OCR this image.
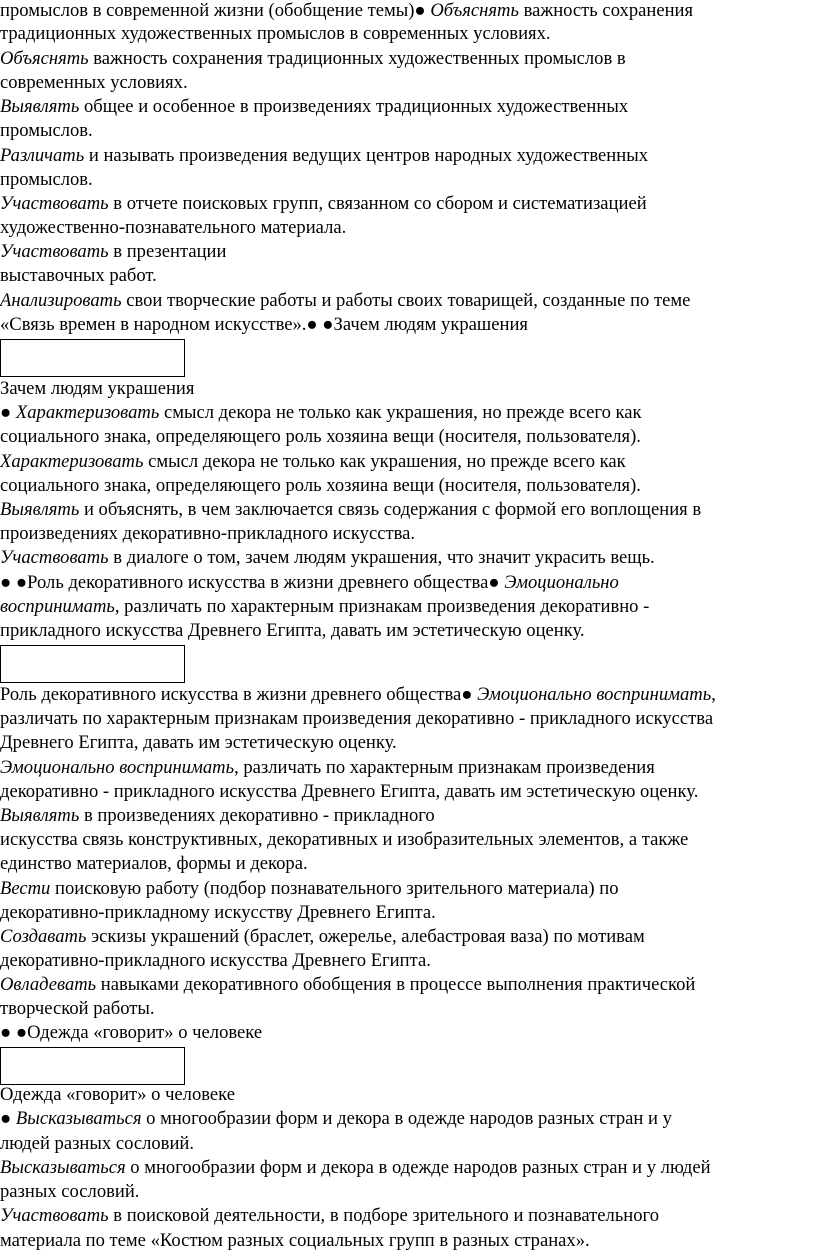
промыслов в современной жизни (обобщение темы)● Объяснять важность сохранения
традиционных художественных промыслов в современных условиях.
Объяснять важность сохранения традиционных художественных промыслов в
современных условиях.
Выявлять общее и особенное в произведениях традиционных художественных
промыслов.
Различать и называть произведения ведущих центров народных художественных
промыслов.
Участвовать в отчете поисковых групп, связанном со сбором и систематизацией
художественно-познавательного материала.
Участвовать в презентации
выставочных работ.
Анализировать свои творческие работы и работы своих товарищей, созданные по теме
«Связь времен в народном искусстве».● ●Зачем людям украшения
Зачем людям украшения
● Характеризовать смысл декора не только как украшения, но прежде всего как
социального знака, определяющего роль хозяина вещи (носителя, пользователя).
Характеризовать смысл декора не только как украшения, но прежде всего как
социального знака, определяющего роль хозяина вещи (носителя, пользователя).
Выявлять и объяснять, в чем заключается связь содержания с формой его воплощения в
произведениях декоративно-прикладного искусства.
Участвовать в диалоге о том, зачем людям украшения, что значит украсить вещь.
● ●Роль декоративного искусства в жизни древнего общества● Эмоционально
воспринимать, различать по характерным признакам произведения декоративно -
прикладного искусства Древнего Египта, давать им эстетическую оценку.
Роль декоративного искусства в жизни древнего общества● Эмоционально воспринимать,
различать по характерным признакам произведения декоративно - прикладного искусства
Древнего Египта, давать им эстетическую оценку.
Эмоционально воспринимать, различать по характерным признакам произведения
декоративно - прикладного искусства Древнего Египта, давать им эстетическую оценку.
Выявлять в произведениях декоративно - прикладного
искусства связь конструктивных, декоративных и изобразительных элементов, а также
единство материалов, формы и декора.
Вести поисковую работу (подбор познавательного зрительного материала) по
декоративно-прикладному искусству Древнего Египта.
Создавать эскизы украшений (браслет, ожерелье, алебастровая ваза) по мотивам
декоративно-прикладного искусства Древнего Египта.
Овладевать навыками декоративного обобщения в процессе выполнения практической
творческой работы.
● ●Одежда «говорит» о человеке
Одежда «говорит» о человеке
● Высказываться о многообразии форм и декора в одежде народов разных стран и у
людей разных сословий.
Высказываться о многообразии форм и декора в одежде народов разных стран и у людей
разных сословий.
Участвовать в поисковой деятельности, в подборе зрительного и познавательного
материала по теме «Костюм разных социальных групп в разных странах».
